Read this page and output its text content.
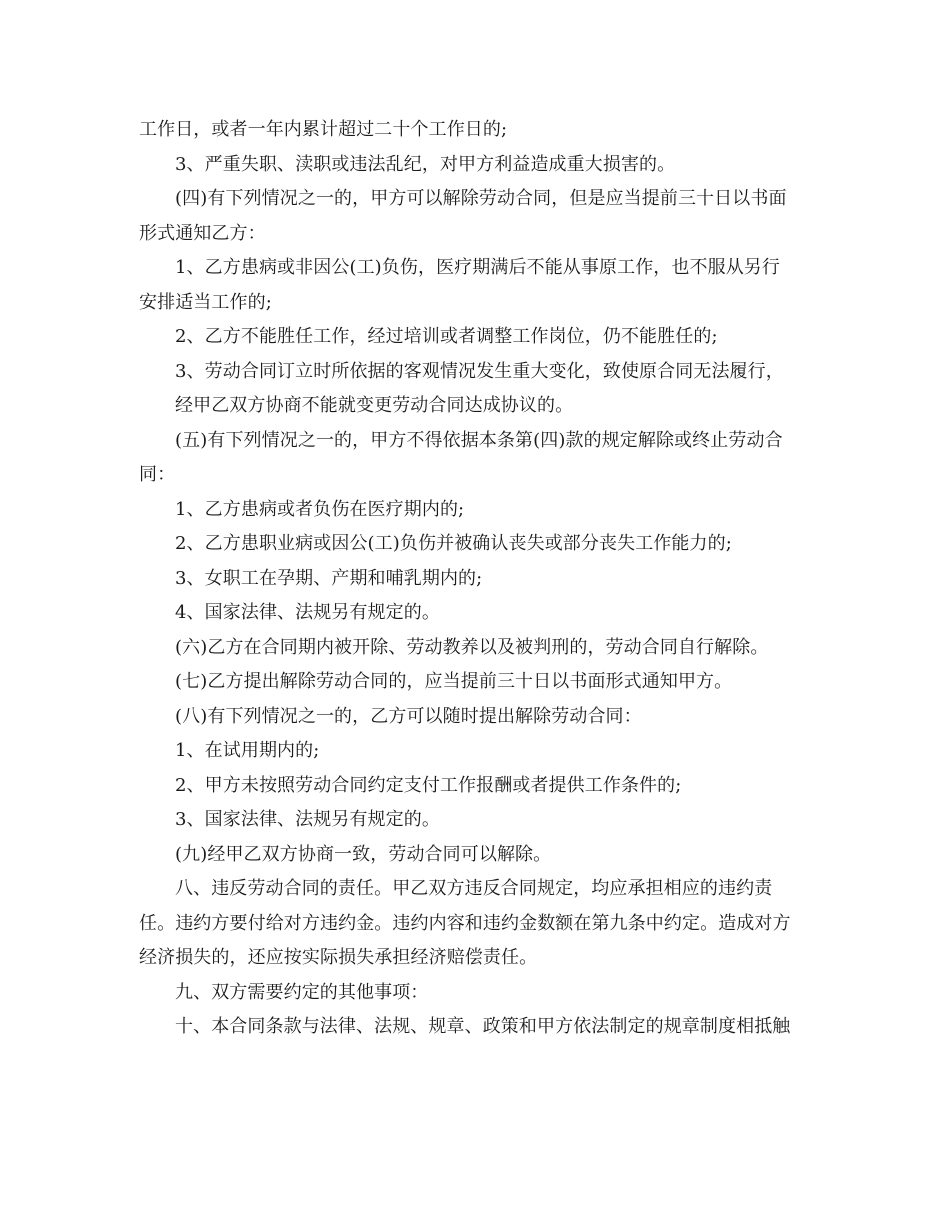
工作日，或者一年内累计超过二十个工作日的;
3、严重失职、渎职或违法乱纪，对甲方利益造成重大损害的。
(四)有下列情况之一的，甲方可以解除劳动合同，但是应当提前三十日以书面
形式通知乙方：
1、乙方患病或非因公(工)负伤，医疗期满后不能从事原工作，也不服从另行
安排适当工作的;
2、乙方不能胜任工作，经过培训或者调整工作岗位，仍不能胜任的;
3、劳动合同订立时所依据的客观情况发生重大变化，致使原合同无法履行，
经甲乙双方协商不能就变更劳动合同达成协议的。
(五)有下列情况之一的，甲方不得依据本条第(四)款的规定解除或终止劳动合
同：
1、乙方患病或者负伤在医疗期内的;
2、乙方患职业病或因公(工)负伤并被确认丧失或部分丧失工作能力的;
3、女职工在孕期、产期和哺乳期内的;
4、国家法律、法规另有规定的。
(六)乙方在合同期内被开除、劳动教养以及被判刑的，劳动合同自行解除。
(七)乙方提出解除劳动合同的，应当提前三十日以书面形式通知甲方。
(八)有下列情况之一的，乙方可以随时提出解除劳动合同：
1、在试用期内的;
2、甲方未按照劳动合同约定支付工作报酬或者提供工作条件的;
3、国家法律、法规另有规定的。
(九)经甲乙双方协商一致，劳动合同可以解除。
八、违反劳动合同的责任。甲乙双方违反合同规定，均应承担相应的违约责
任。违约方要付给对方违约金。违约内容和违约金数额在第九条中约定。造成对方
经济损失的，还应按实际损失承担经济赔偿责任。
九、双方需要约定的其他事项：
十、本合同条款与法律、法规、规章、政策和甲方依法制定的规章制度相抵触
